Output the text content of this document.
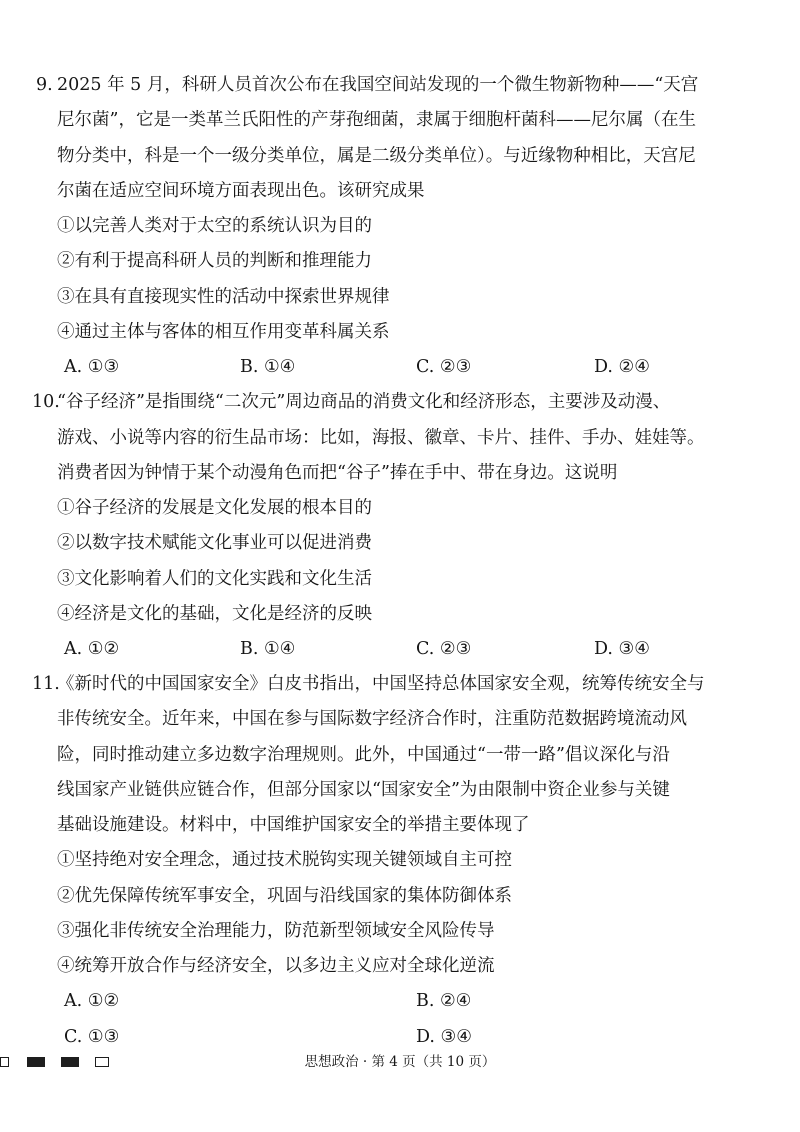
9. 2025 年 5 月，科研人员首次公布在我国空间站发现的一个微生物新物种——“天宫
尼尔菌”，它是一类革兰氏阳性的产芽孢细菌，隶属于细胞杆菌科——尼尔属（在生
物分类中，科是一个一级分类单位，属是二级分类单位）。与近缘物种相比，天宫尼
尔菌在适应空间环境方面表现出色。该研究成果
①以完善人类对于太空的系统认识为目的
②有利于提高科研人员的判断和推理能力
③在具有直接现实性的活动中探索世界规律
④通过主体与客体的相互作用变革科属关系
A. ①③	B. ①④	C. ②③	D. ②④
10.
“谷子经济”是指围绕“二次元”周边商品的消费文化和经济形态，主要涉及动漫、
游戏、小说等内容的衍生品市场：比如，海报、徽章、卡片、挂件、手办、娃娃等。
消费者因为钟情于某个动漫角色而把“谷子”捧在手中、带在身边。这说明
①谷子经济的发展是文化发展的根本目的
②以数字技术赋能文化事业可以促进消费
③文化影响着人们的文化实践和文化生活
④经济是文化的基础，文化是经济的反映
A. ①②	B. ①④	C. ②③	D. ③④
11.
《新时代的中国国家安全》白皮书指出，中国坚持总体国家安全观，统筹传统安全与
非传统安全。近年来，中国在参与国际数字经济合作时，注重防范数据跨境流动风
险，同时推动建立多边数字治理规则。此外，中国通过“一带一路”倡议深化与沿
线国家产业链供应链合作，但部分国家以“国家安全”为由限制中资企业参与关键
基础设施建设。材料中，中国维护国家安全的举措主要体现了
①坚持绝对安全理念，通过技术脱钩实现关键领域自主可控
②优先保障传统军事安全，巩固与沿线国家的集体防御体系
③强化非传统安全治理能力，防范新型领域安全风险传导
④统筹开放合作与经济安全，以多边主义应对全球化逆流
A. ①②	B. ②④
C. ①③	D. ③④
思想政治 · 第 4 页（共 10 页）
